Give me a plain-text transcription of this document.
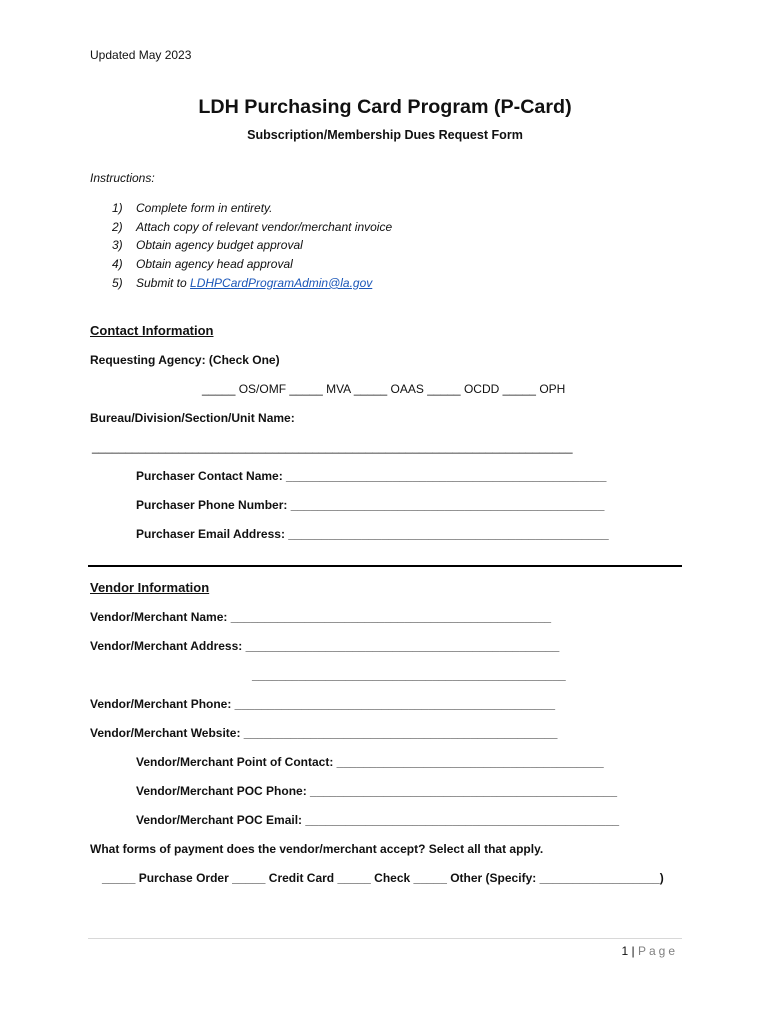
Updated May 2023
LDH Purchasing Card Program (P-Card)
Subscription/Membership Dues Request Form
Instructions:
1) Complete form in entirety.
2) Attach copy of relevant vendor/merchant invoice
3) Obtain agency budget approval
4) Obtain agency head approval
5) Submit to LDHPCardProgramAdmin@la.gov
Contact Information
Requesting Agency: (Check One)
_____ OS/OMF _____ MVA _____ OAAS _____ OCDD _____ OPH
Bureau/Division/Section/Unit Name:
________________________________________________________________________
Purchaser Contact Name: ________________________________________________
Purchaser Phone Number: _______________________________________________
Purchaser Email Address: ________________________________________________
Vendor Information
Vendor/Merchant Name: ________________________________________________
Vendor/Merchant Address: _______________________________________________
_______________________________________________
Vendor/Merchant Phone: ________________________________________________
Vendor/Merchant Website: _______________________________________________
Vendor/Merchant Point of Contact: ________________________________________
Vendor/Merchant POC Phone: ______________________________________________
Vendor/Merchant POC Email: _______________________________________________
What forms of payment does the vendor/merchant accept? Select all that apply.
_____ Purchase Order _____ Credit Card _____ Check _____ Other (Specify: __________________)
1 | Page
